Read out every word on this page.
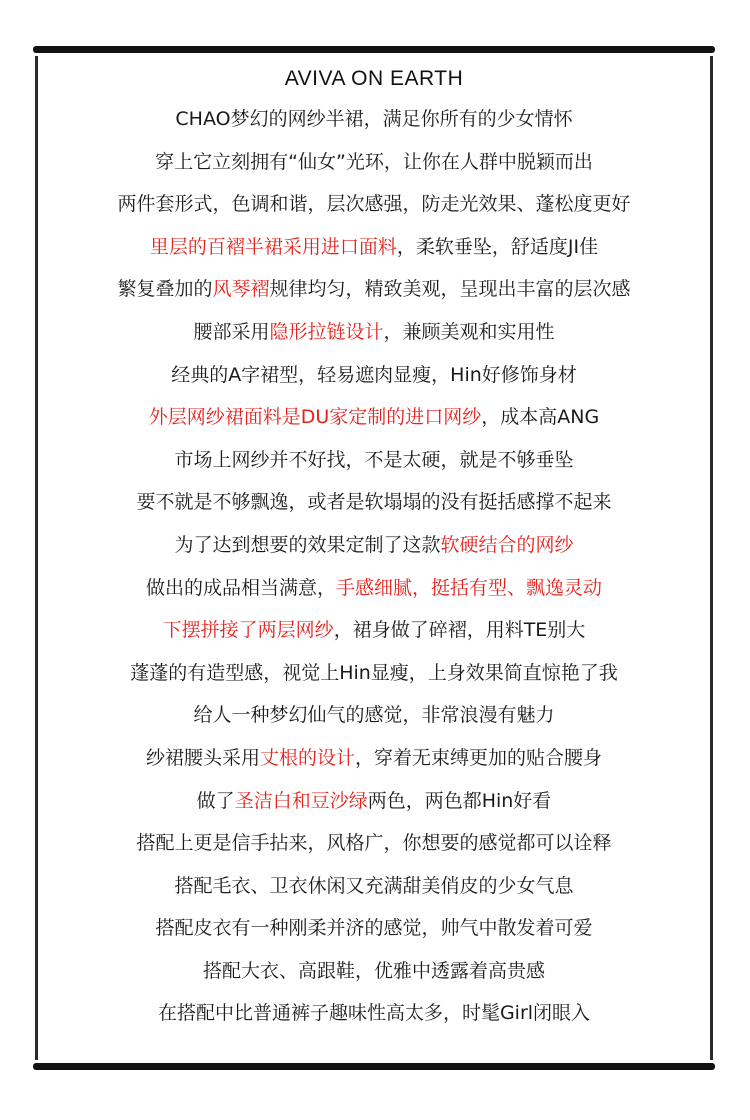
AVIVA ON EARTH

CHAO梦幻的网纱半裙，满足你所有的少女情怀

穿上它立刻拥有“仙女”光环，让你在人群中脱颖而出

两件套形式，色调和谐，层次感强，防走光效果、蓬松度更好

里层的百褶半裙采用进口面料，柔软垂坠，舒适度JI佳

繁复叠加的风琴褶规律均匀，精致美观，呈现出丰富的层次感

腰部采用隐形拉链设计，兼顾美观和实用性

经典的A字裙型，轻易遮肉显瘦，Hin好修饰身材

外层网纱裙面料是DU家定制的进口网纱，成本高ANG

市场上网纱并不好找，不是太硬，就是不够垂坠

要不就是不够飘逸，或者是软塌塌的没有挺括感撑不起来

为了达到想要的效果定制了这款软硬结合的网纱

做出的成品相当满意，手感细腻，挺括有型、飘逸灵动

下摆拼接了两层网纱，裙身做了碎褶，用料TE别大

蓬蓬的有造型感，视觉上Hin显瘦，上身效果简直惊艳了我

给人一种梦幻仙气的感觉，非常浪漫有魅力

纱裙腰头采用丈根的设计，穿着无束缚更加的贴合腰身

做了圣洁白和豆沙绿两色，两色都Hin好看

搭配上更是信手拈来，风格广，你想要的感觉都可以诠释

搭配毛衣、卫衣休闲又充满甜美俏皮的少女气息

搭配皮衣有一种刚柔并济的感觉，帅气中散发着可爱

搭配大衣、高跟鞋，优雅中透露着高贵感

在搭配中比普通裤子趣味性高太多，时髦Girl闭眼入
